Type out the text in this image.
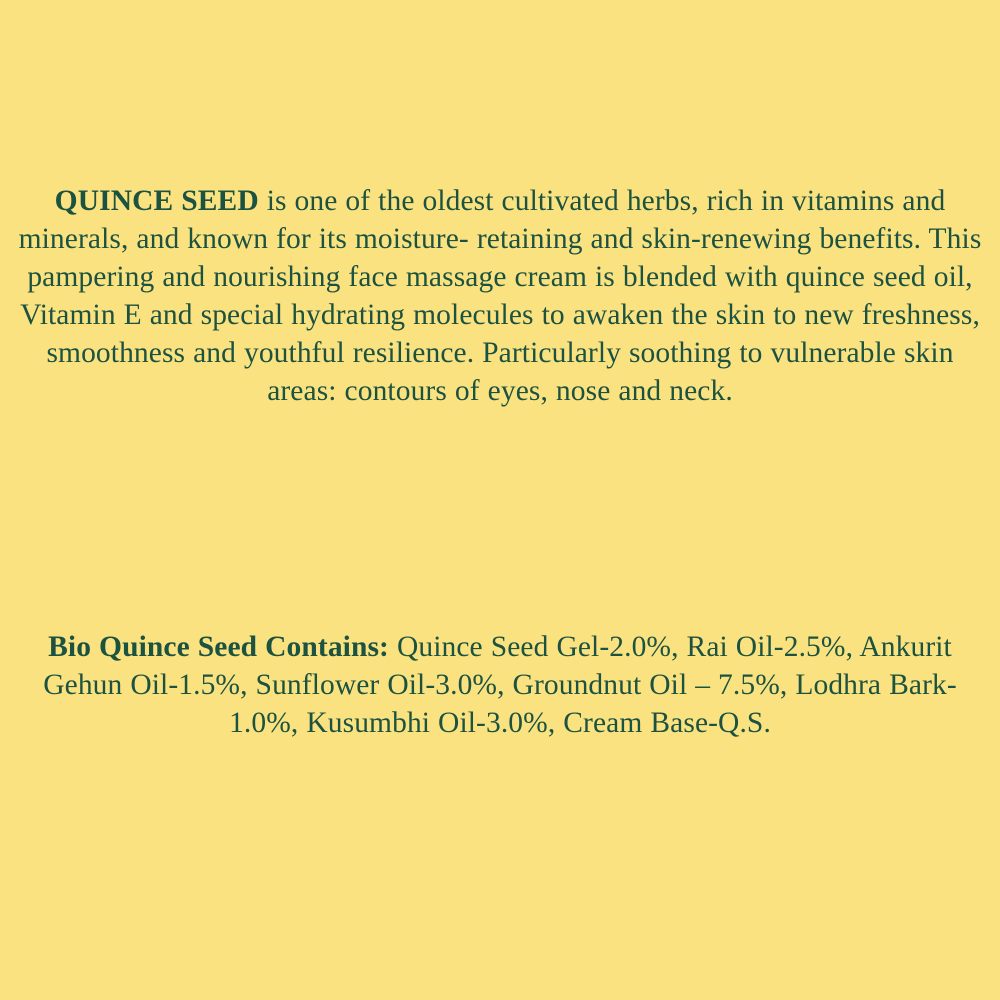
QUINCE SEED is one of the oldest cultivated herbs, rich in vitamins and minerals, and known for its moisture- retaining and skin-renewing benefits. This pampering and nourishing face massage cream is blended with quince seed oil, Vitamin E and special hydrating molecules to awaken the skin to new freshness, smoothness and youthful resilience. Particularly soothing to vulnerable skin areas: contours of eyes, nose and neck.

Bio Quince Seed Contains: Quince Seed Gel-2.0%, Rai Oil-2.5%, Ankurit Gehun Oil-1.5%, Sunflower Oil-3.0%, Groundnut Oil – 7.5%, Lodhra Bark-1.0%, Kusumbhi Oil-3.0%, Cream Base-Q.S.
